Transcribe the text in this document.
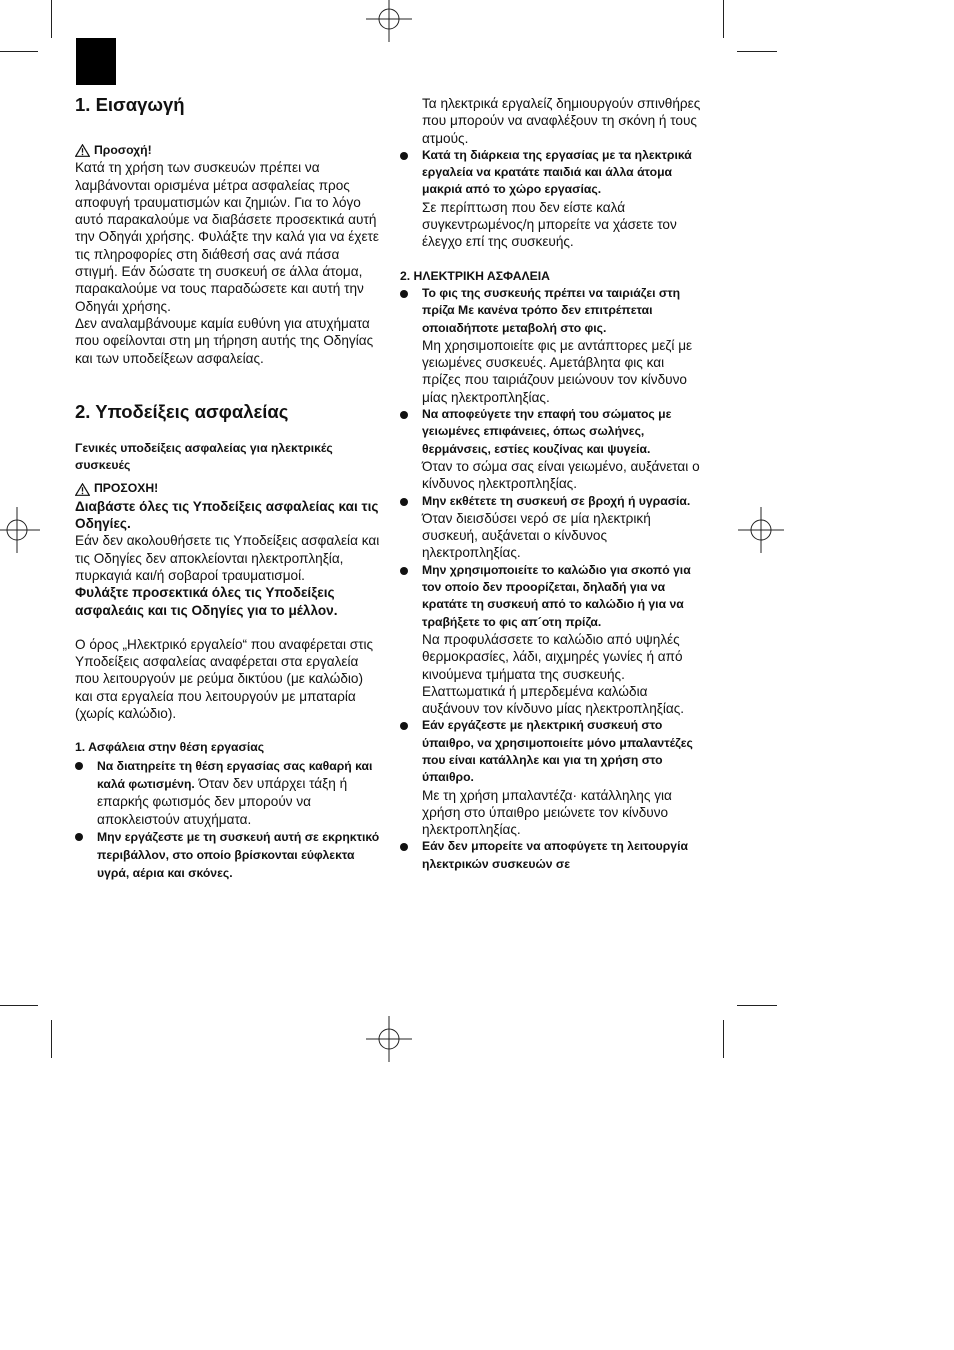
1. Εισαγωγή

Προσοχή!

Κατά τη χρήση των συσκευών πρέπει να λαμβάνονται ορισμένα μέτρα ασφαλείας προς αποφυγή τραυματισμών και ζημιών. Για το λόγο αυτό παρακαλούμε να διαβάσετε προσεκτικά αυτή την Οδηγάι χρήσης. Φυλάξτε την καλά για να έχετε τις πληροφορίες στη διάθεσή σας ανά πάσα στιγμή. Εάν δώσατε τη συσκευή σε άλλα άτομα, παρακαλούμε να τους παραδώσετε και αυτή την Οδηγάι χρήσης.

Δεν αναλαμβάνουμε καμία ευθύνη για ατυχήματα που οφείλονται στη μη τήρηση αυτής της Οδηγίας και των υποδείξεων ασφαλείας.

2. Υποδείξεις ασφαλείας

Γενικές υποδείξεις ασφαλείας για ηλεκτρικές συσκευές

ΠΡΟΣΟΧΗ!

Διαβάστε όλες τις Υποδείξεις ασφαλείας και τις Οδηγίες.

Εάν δεν ακολουθήσετε τις Υποδείξεις ασφαλεία και τις Οδηγίες δεν αποκλείονται ηλεκτροπληξία, πυρκαγιά και/ή σοβαροί τραυματισμοί.

Φυλάξτε προσεκτικά όλες τις Υποδείξεις ασφαλεάις και τις Οδηγίες για το μέλλον.

Ο όρος „Ηλεκτρικό εργαλείο“ που αναφέρεται στις Υποδείξεις ασφαλείας αναφέρεται στα εργαλεία που λειτουργούν με ρεύμα δικτύου (με καλώδιο) και στα εργαλεία που λειτουργούν με μπαταρία (χωρίς καλώδιο).

1. Ασφάλεια στην θέση εργασίας

Να διατηρείτε τη θέση εργασίας σας καθαρή και καλά φωτισμένη. Όταν δεν υπάρχει τάξη ή επαρκής φωτισμός δεν μπορούν να αποκλειστούν ατυχήματα.
Μην εργάζεστε με τη συσκευή αυτή σε εκρηκτικό περιβάλλον, στο οποίο βρίσκονται εύφλεκτα υγρά, αέρια και σκόνες.

Τα ηλεκτρικά εργαλείζ δημιουργούν σπινθήρες που μπορούν να αναφλέξουν τη σκόνη ή τους ατμούς.

Κατά τη διάρκεια της εργασίας με τα ηλεκτρικά εργαλεία να κρατάτε παιδιά και άλλα άτομα μακριά από το χώρο εργασίας.

Σε περίπτωση που δεν είστε καλά συγκεντρωμένος/η μπορείτε να χάσετε τον έλεγχο επί της συσκευής.

2. ΗΛΕΚΤΡΙΚΗ ΑΣΦΑΛΕΙΑ

Το φις της συσκευής πρέπει να ταιριάζει στη πρίζα Με κανένα τρόπο δεν επιτρέπεται οποιαδήποτε μεταβολή στο φις.

Μη χρησιμοποιείτε φις με αντάπτορες μεζί με γειωμένες συσκευές. Αμετάβλητα φις και πρίζες που ταιριάζουν μειώνουν τον κίνδυνο μίας ηλεκτροπληξίας.

Να αποφεύγετε την επαφή του σώματος με γειωμένες επιφάνειες, όπως σωλήνες, θερμάνσεις, εστίες κουζίνας και ψυγεία.

Όταν το σώμα σας είναι γειωμένο, αυξάνεται ο κίνδυνος ηλεκτροπληξίας.

Μην εκθέτετε τη συσκευή σε βροχή ή υγρασία.

Όταν διεισδύσει νερό σε μία ηλεκτρική συσκευή, αυξάνεται ο κίνδυνος ηλεκτροπληξίας.

Μην χρησιμοποιείτε το καλώδιο για σκοπό για τον οποίο δεν προορίζεται, δηλαδή για να κρατάτε τη συσκευή από το καλώδιο ή για να τραβήξετε το φις απ´οτη πρίζα.

Να προφυλάσσετε το καλώδιο από υψηλές θερμοκρασίες, λάδι, αιχμηρές γωνίες ή από κινούμενα τμήματα της συσκευής. Ελαττωματικά ή μπερδεμένα καλώδια αυξάνουν τον κίνδυνο μίας ηλεκτροπληξίας.

Εάν εργάζεστε με ηλεκτρική συσκευή στο ύπαιθρο, να χρησιμοποιείτε μόνο μπαλαντέζες που είναι κατάλληλε και για τη χρήση στο ύπαιθρο.

Με τη χρήση μπαλαντέζα· κατάλληλης για χρήση στο ύπαιθρο μειώνετε τον κίνδυνο ηλεκτροπληξίας.

Εάν δεν μπορείτε να αποφύγετε τη λειτουργία ηλεκτρικών συσκευών σε
